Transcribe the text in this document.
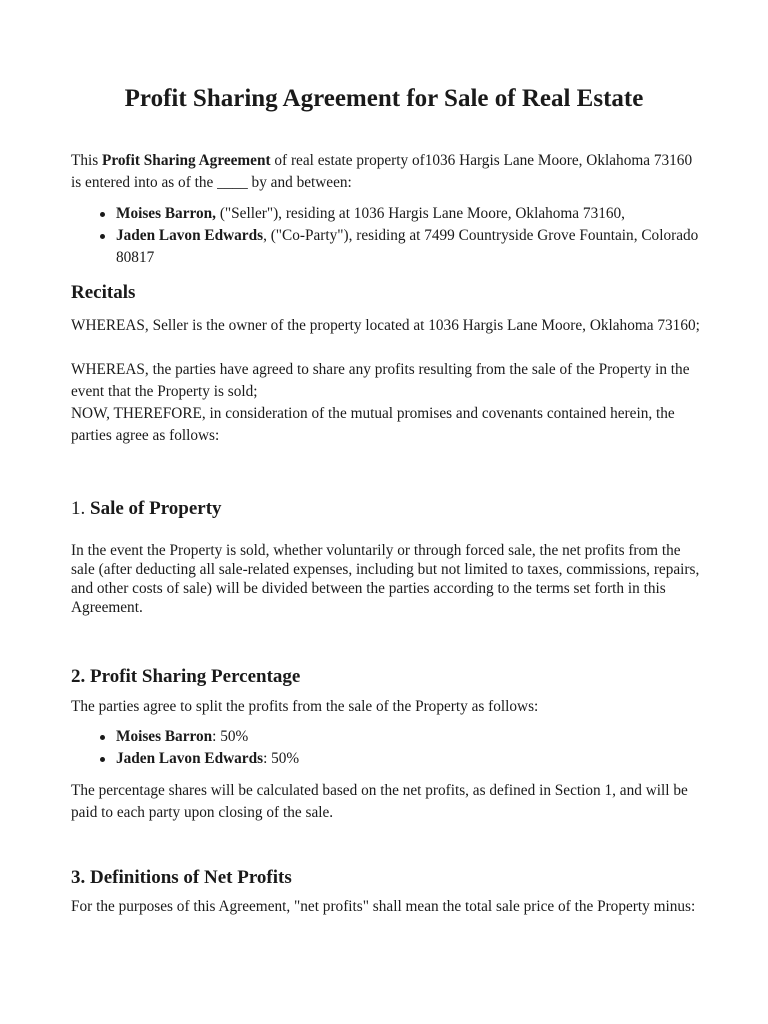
Profit Sharing Agreement for Sale of Real Estate

This Profit Sharing Agreement of real estate property of1036 Hargis Lane Moore, Oklahoma 73160 is entered into as of the ____ by and between:

Moises Barron, ("Seller"), residing at 1036 Hargis Lane Moore, Oklahoma 73160,
Jaden Lavon Edwards, ("Co-Party"), residing at 7499 Countryside Grove Fountain, Colorado 80817
Recitals

WHEREAS, Seller is the owner of the property located at 1036 Hargis Lane Moore, Oklahoma 73160;

WHEREAS, the parties have agreed to share any profits resulting from the sale of the Property in the event that the Property is sold;

NOW, THEREFORE, in consideration of the mutual promises and covenants contained herein, the parties agree as follows:

1. Sale of Property

In the event the Property is sold, whether voluntarily or through forced sale, the net profits from the sale (after deducting all sale-related expenses, including but not limited to taxes, commissions, repairs, and other costs of sale) will be divided between the parties according to the terms set forth in this Agreement.

2. Profit Sharing Percentage

The parties agree to split the profits from the sale of the Property as follows:

Moises Barron: 50%
Jaden Lavon Edwards: 50%

The percentage shares will be calculated based on the net profits, as defined in Section 1, and will be paid to each party upon closing of the sale.

3. Definitions of Net Profits

For the purposes of this Agreement, "net profits" shall mean the total sale price of the Property minus:
